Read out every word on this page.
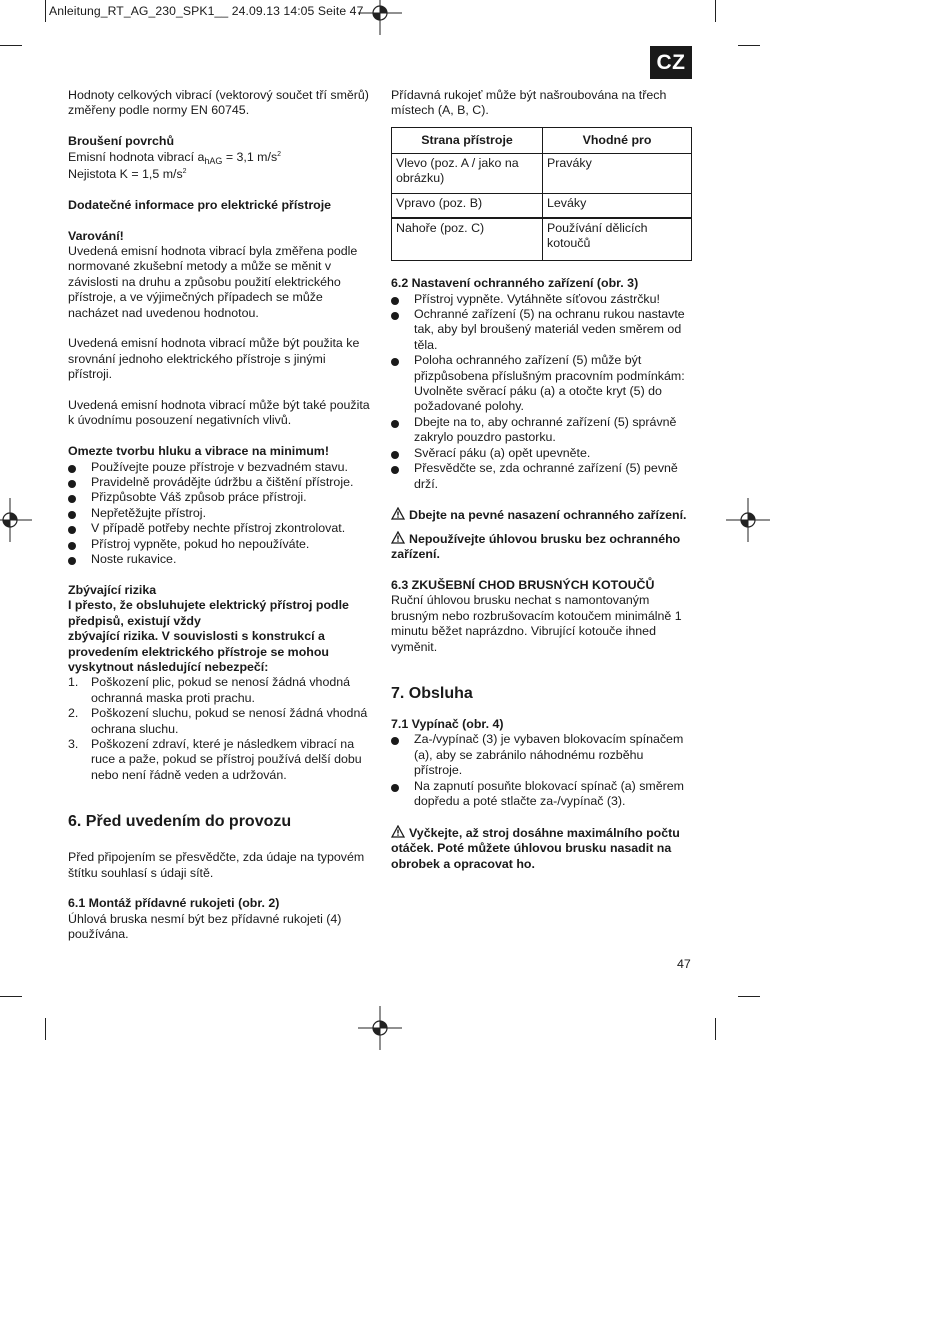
Anleitung_RT_AG_230_SPK1__ 24.09.13 14:05 Seite 47
CZ

Hodnoty celkových vibrací (vektorový součet tří směrů) změřeny podle normy EN 60745.

Broušení povrchů

Emisní hodnota vibrací $a_{hAG} = 3,1$ $m/s^2$

Nejistota K = 1,5 $m/s^2$

Dodatečné informace pro elektrické přístroje

Varování!

Uvedená emisní hodnota vibrací byla změřena podle normované zkušební metody a může se měnit v závislosti na druhu a způsobu použití elektrického přístroje, a ve výjimečných případech se může nacházet nad uvedenou hodnotou.

Uvedená emisní hodnota vibrací může být použita ke srovnání jednoho elektrického přístroje s jinými přístroji.

Uvedená emisní hodnota vibrací může být také použita k úvodnímu posouzení negativních vlivů.

Omezte tvorbu hluku a vibrace na minimum!

Používejte pouze přístroje v bezvadném stavu.
Pravidelně provádějte údržbu a čištění přístroje.
Přizpůsobte Váš způsob práce přístroji.
Nepřetěžujte přístroj.
V případě potřeby nechte přístroj zkontrolovat.
Přístroj vypněte, pokud ho nepoužíváte.
Noste rukavice.

Zbývající rizika

I přesto, že obsluhujete elektrický přístroj podle předpisů, existují vždy

zbývající rizika. V souvislosti s konstrukcí a provedením elektrického přístroje se mohou vyskytnout následující nebezpečí:

1. Poškození plic, pokud se nenosí žádná vhodná ochranná maska proti prachu.
2. Poškození sluchu, pokud se nenosí žádná vhodná ochrana sluchu.
3. Poškození zdraví, které je následkem vibrací na ruce a paže, pokud se přístroj používá delší dobu nebo není řádně veden a udržován.
6. Před uvedením do provozu

Před připojením se přesvědčte, zda údaje na typovém štítku souhlasí s údaji sítě.

6.1 Montáž přídavné rukojeti (obr. 2)

Úhlová bruska nesmí být bez přídavné rukojeti (4) používána.

Přídavná rukojeť může být našroubována na třech místech (A, B, C).

Strana přístroje	Vhodné pro
Vlevo (poz. A / jako na obrázku)	Praváky
Vpravo (poz. B)	Leváky
Nahoře (poz. C)	Používání dělicích kotoučů

6.2 Nastavení ochranného zařízení (obr. 3)

Přístroj vypněte. Vytáhněte síťovou zástrčku!
Ochranné zařízení (5) na ochranu rukou nastavte tak, aby byl broušený materiál veden směrem od těla.
Poloha ochranného zařízení (5) může být přizpůsobena příslušným pracovním podmínkám: Uvolněte svěrací páku (a) a otočte kryt (5) do požadované polohy.
Dbejte na to, aby ochranné zařízení (5) správně zakrylo pouzdro pastorku.
Svěrací páku (a) opět upevněte.
Přesvědčte se, zda ochranné zařízení (5) pevně drží.

Dbejte na pevné nasazení ochranného zařízení.

Nepoužívejte úhlovou brusku bez ochranného zařízení.

6.3 ZKUŠEBNÍ CHOD BRUSNÝCH KOTOUČŮ

Ruční úhlovou brusku nechat s namontovaným brusným nebo rozbrušovacím kotoučem minimálně 1 minutu běžet naprázdno. Vibrující kotouče ihned vyměnit.

7. Obsluha

7.1 Vypínač (obr. 4)

Za-/vypínač (3) je vybaven blokovacím spínačem (a), aby se zabránilo náhodnému rozběhu přístroje.
Na zapnutí posuňte blokovací spínač (a) směrem dopředu a poté stlačte za-/vypínač (3).

Vyčkejte, až stroj dosáhne maximálního počtu otáček. Poté můžete úhlovou brusku nasadit na obrobek a opracovat ho.

47
